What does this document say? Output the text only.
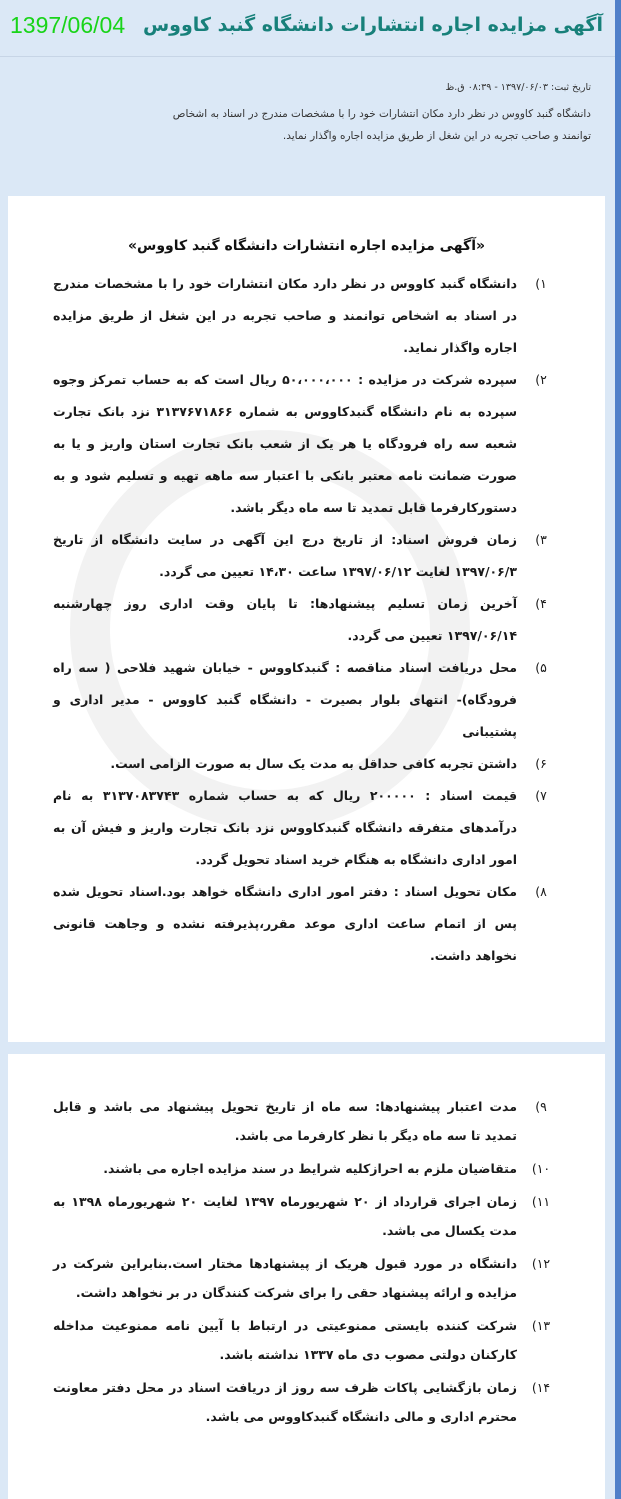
آگهی مزایده اجاره انتشارات دانشگاه گنبد کاووس
1397/06/04
تاریخ ثبت: ۱۳۹۷/۰۶/۰۳ - ۰۸:۳۹ ق.ظ
دانشگاه گنبد کاووس در نظر دارد مکان انتشارات خود را با مشخصات مندرج در اسناد به اشخاص توانمند و صاحب تجربه در این شغل از طریق مزایده اجاره واگذار نماید.
«آگهی مزایده اجاره انتشارات دانشگاه گنبد کاووس»
۱)
دانشگاه گنبد کاووس در نظر دارد مکان انتشارات خود را با مشخصات مندرج در اسناد به اشخاص توانمند و صاحب تجربه در این شغل از طریق مزایده اجاره واگذار نماید.
۲)
سپرده شرکت در مزایده : ۵۰،۰۰۰،۰۰۰ ریال است که به حساب تمرکز وجوه سپرده به نام دانشگاه گنبدکاووس به شماره ۳۱۳۷۶۷۱۸۶۶ نزد بانک تجارت شعبه سه راه فرودگاه یا هر یک از شعب بانک تجارت استان واریز و یا به صورت ضمانت نامه معتبر بانکی با اعتبار سه ماهه تهیه و تسلیم شود و به دستورکارفرما قابل تمدید تا سه ماه دیگر باشد.
۳)
زمان فروش اسناد: از تاریخ درج این آگهی در سایت دانشگاه از تاریخ ۱۳۹۷/۰۶/۳ لغایت ۱۳۹۷/۰۶/۱۲ ساعت ۱۴،۳۰ تعیین می گردد.
۴)
آخرین زمان تسلیم پیشنهادها: تا پایان وقت اداری روز چهارشنبه ۱۳۹۷/۰۶/۱۴ تعیین می گردد.
۵)
محل دریافت اسناد مناقصه : گنبدکاووس - خیابان شهید فلاحی ( سه راه فرودگاه)- انتهای بلوار بصیرت - دانشگاه گنبد کاووس - مدیر اداری و پشتیبانی
۶)
داشتن تجربه کافی حداقل به مدت یک سال به صورت الزامی است.
۷)
قیمت اسناد : ۲۰۰۰۰۰ ریال که به حساب شماره ۳۱۳۷۰۸۳۷۴۳ به نام درآمدهای متفرقه دانشگاه گنبدکاووس نزد بانک تجارت واریز و فیش آن به امور اداری دانشگاه به هنگام خرید اسناد تحویل گردد.
۸)
مکان تحویل اسناد : دفتر امور اداری دانشگاه خواهد بود.اسناد تحویل شده پس از اتمام ساعت اداری موعد مقرر،پذیرفته نشده و وجاهت قانونی نخواهد داشت.
۹)
مدت اعتبار پیشنهادها: سه ماه از تاریخ تحویل پیشنهاد می باشد و قابل تمدید تا سه ماه دیگر با نظر کارفرما می باشد.
۱۰)
متقاضیان ملزم به احرازکلیه شرایط در سند مزایده اجاره می باشند.
۱۱)
زمان اجرای قرارداد از ۲۰ شهریورماه ۱۳۹۷ لغایت ۲۰ شهریورماه ۱۳۹۸ به مدت یکسال می باشد.
۱۲)
دانشگاه در مورد قبول هریک از پیشنهادها مختار است.بنابراین شرکت در مزایده و ارائه پیشنهاد حقی را برای شرکت کنندگان در بر نخواهد داشت.
۱۳)
شرکت کننده بایستی ممنوعیتی در ارتباط با آیین نامه ممنوعیت مداخله کارکنان دولتی مصوب دی ماه ۱۳۳۷ نداشته باشد.
۱۴)
زمان بازگشایی پاکات ظرف سه روز از دریافت اسناد در محل دفتر معاونت محترم اداری و مالی دانشگاه گنبدکاووس می باشد.
